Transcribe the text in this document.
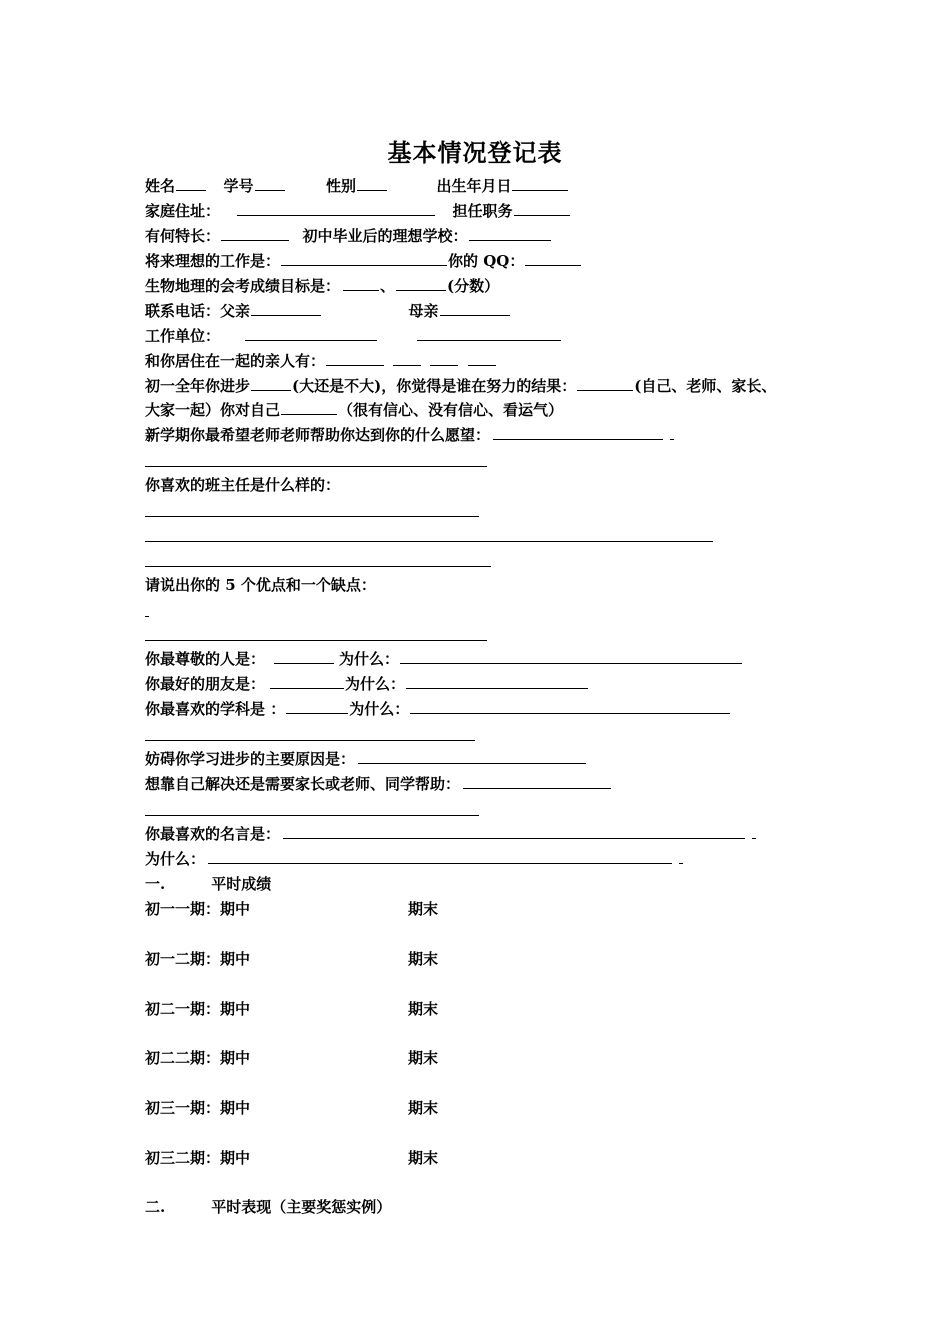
基本情况登记表
姓名	学号	性别	出生年月日
家庭住址：	担任职务
有何特长：	初中毕业后的理想学校：
将来理想的工作是：	你的 QQ：
生物地理的会考成绩目标是：	、	(分数）
联系电话：父亲	母亲
工作单位：
和你居住在一起的亲人有：
初一全年你进步	(大还是不大)，你觉得是谁在努力的结果：	(自己、老师、家长、
大家一起）你对自己	（很有信心、没有信心、看运气）
新学期你最希望老师老师帮助你达到你的什么愿望：
你喜欢的班主任是什么样的：
请说出你的 5 个优点和一个缺点：
你最尊敬的人是：	为什么：
你最好的朋友是：	为什么：
你最喜欢的学科是 ：	为什么：
妨碍你学习进步的主要原因是：
想靠自己解决还是需要家长或老师、同学帮助：
你最喜欢的名言是：
为什么：
一.	平时成绩
初一一期：期中	期末
初一二期：期中	期末
初二一期：期中	期末
初二二期：期中	期末
初三一期：期中	期末
初三二期：期中	期末
二.	平时表现（主要奖惩实例）
